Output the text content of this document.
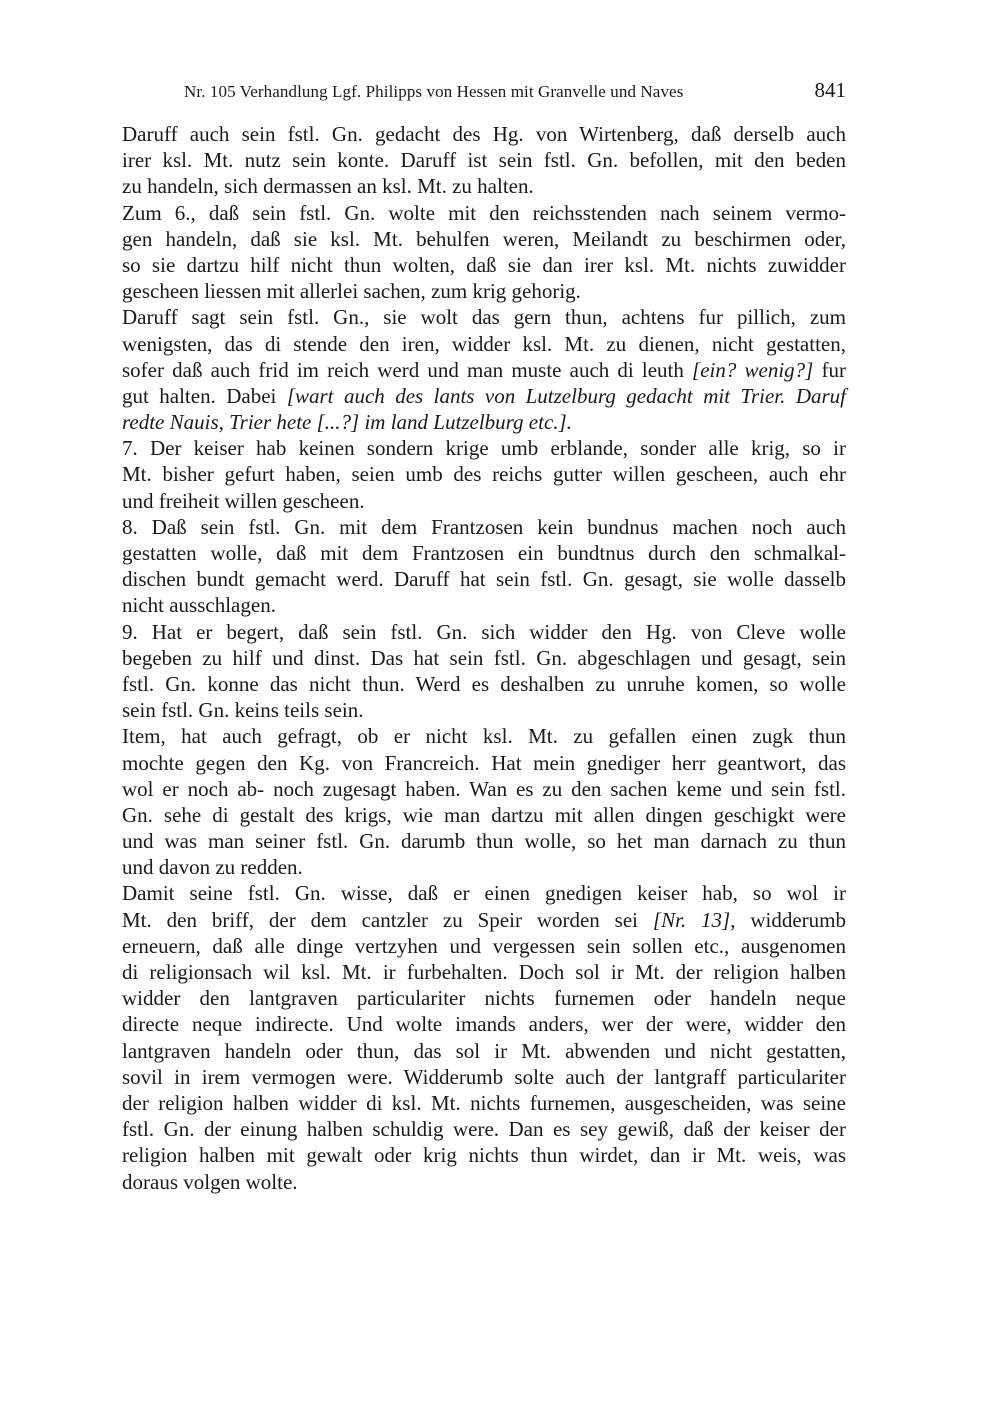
Nr. 105 Verhandlung Lgf. Philipps von Hessen mit Granvelle und Naves	841
Daruff auch sein fstl. Gn. gedacht des Hg. von Wirtenberg, daß derselb auch
irer ksl. Mt. nutz sein konte. Daruff ist sein fstl. Gn. befollen, mit den beden
zu handeln, sich dermassen an ksl. Mt. zu halten.
Zum 6., daß sein fstl. Gn. wolte mit den reichsstenden nach seinem vermo-
gen handeln, daß sie ksl. Mt. behulfen weren, Meilandt zu beschirmen oder,
so sie dartzu hilf nicht thun wolten, daß sie dan irer ksl. Mt. nichts zuwidder
gescheen liessen mit allerlei sachen, zum krig gehorig.
Daruff sagt sein fstl. Gn., sie wolt das gern thun, achtens fur pillich, zum
wenigsten, das di stende den iren, widder ksl. Mt. zu dienen, nicht gestatten,
sofer daß auch frid im reich werd und man muste auch di leuth [ein? wenig?] fur
gut halten. Dabei [wart auch des lants von Lutzelburg gedacht mit Trier. Daruf
redte Nauis, Trier hete [...?] im land Lutzelburg etc.].
7. Der keiser hab keinen sondern krige umb erblande, sonder alle krig, so ir
Mt. bisher gefurt haben, seien umb des reichs gutter willen gescheen, auch ehr
und freiheit willen gescheen.
8. Daß sein fstl. Gn. mit dem Frantzosen kein bundnus machen noch auch
gestatten wolle, daß mit dem Frantzosen ein bundtnus durch den schmalkal-
dischen bundt gemacht werd. Daruff hat sein fstl. Gn. gesagt, sie wolle dasselb
nicht ausschlagen.
9. Hat er begert, daß sein fstl. Gn. sich widder den Hg. von Cleve wolle
begeben zu hilf und dinst. Das hat sein fstl. Gn. abgeschlagen und gesagt, sein
fstl. Gn. konne das nicht thun. Werd es deshalben zu unruhe komen, so wolle
sein fstl. Gn. keins teils sein.
Item, hat auch gefragt, ob er nicht ksl. Mt. zu gefallen einen zugk thun
mochte gegen den Kg. von Francreich. Hat mein gnediger herr geantwort, das
wol er noch ab- noch zugesagt haben. Wan es zu den sachen keme und sein fstl.
Gn. sehe di gestalt des krigs, wie man dartzu mit allen dingen geschigkt were
und was man seiner fstl. Gn. darumb thun wolle, so het man darnach zu thun
und davon zu redden.
Damit seine fstl. Gn. wisse, daß er einen gnedigen keiser hab, so wol ir
Mt. den briff, der dem cantzler zu Speir worden sei [Nr. 13], widderumb
erneuern, daß alle dinge vertzyhen und vergessen sein sollen etc., ausgenomen
di religionsach wil ksl. Mt. ir furbehalten. Doch sol ir Mt. der religion halben
widder den lantgraven particulariter nichts furnemen oder handeln neque
directe neque indirecte. Und wolte imands anders, wer der were, widder den
lantgraven handeln oder thun, das sol ir Mt. abwenden und nicht gestatten,
sovil in irem vermogen were. Widderumb solte auch der lantgraff particulariter
der religion halben widder di ksl. Mt. nichts furnemen, ausgescheiden, was seine
fstl. Gn. der einung halben schuldig were. Dan es sey gewiß, daß der keiser der
religion halben mit gewalt oder krig nichts thun wirdet, dan ir Mt. weis, was
doraus volgen wolte.
